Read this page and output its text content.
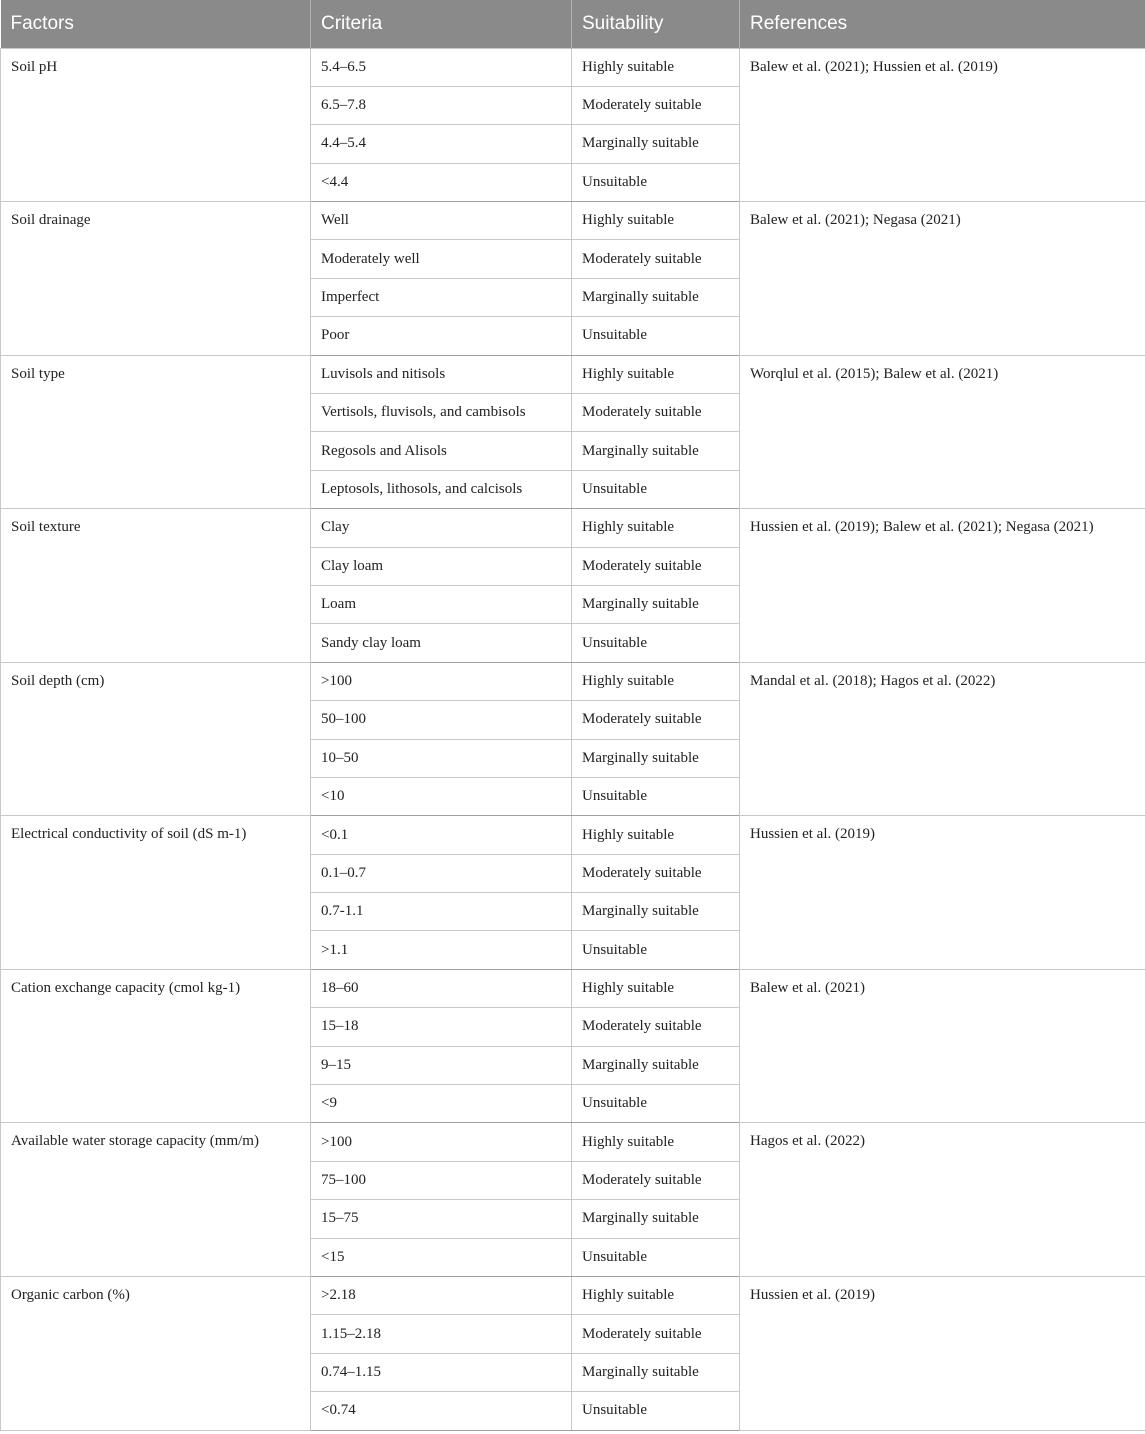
Factors	Criteria	Suitability	References
Soil pH	5.4–6.5	Highly suitable	Balew et al. (2021); Hussien et al. (2019)
	6.5–7.8	Moderately suitable	
	4.4–5.4	Marginally suitable	
	<4.4	Unsuitable	
Soil drainage	Well	Highly suitable	Balew et al. (2021); Negasa (2021)
	Moderately well	Moderately suitable	
	Imperfect	Marginally suitable	
	Poor	Unsuitable	
Soil type	Luvisols and nitisols	Highly suitable	Worqlul et al. (2015); Balew et al. (2021)
	Vertisols, fluvisols, and cambisols	Moderately suitable	
	Regosols and Alisols	Marginally suitable	
	Leptosols, lithosols, and calcisols	Unsuitable	
Soil texture	Clay	Highly suitable	Hussien et al. (2019); Balew et al. (2021); Negasa (2021)
	Clay loam	Moderately suitable	
	Loam	Marginally suitable	
	Sandy clay loam	Unsuitable	
Soil depth (cm)	>100	Highly suitable	Mandal et al. (2018); Hagos et al. (2022)
	50–100	Moderately suitable	
	10–50	Marginally suitable	
	<10	Unsuitable	
Electrical conductivity of soil (dS m-1)	<0.1	Highly suitable	Hussien et al. (2019)
	0.1–0.7	Moderately suitable	
	0.7-1.1	Marginally suitable	
	>1.1	Unsuitable	
Cation exchange capacity (cmol kg-1)	18–60	Highly suitable	Balew et al. (2021)
	15–18	Moderately suitable	
	9–15	Marginally suitable	
	<9	Unsuitable	
Available water storage capacity (mm/m)	>100	Highly suitable	Hagos et al. (2022)
	75–100	Moderately suitable	
	15–75	Marginally suitable	
	<15	Unsuitable	
Organic carbon (%)	>2.18	Highly suitable	Hussien et al. (2019)
	1.15–2.18	Moderately suitable	
	0.74–1.15	Marginally suitable	
	<0.74	Unsuitable	
